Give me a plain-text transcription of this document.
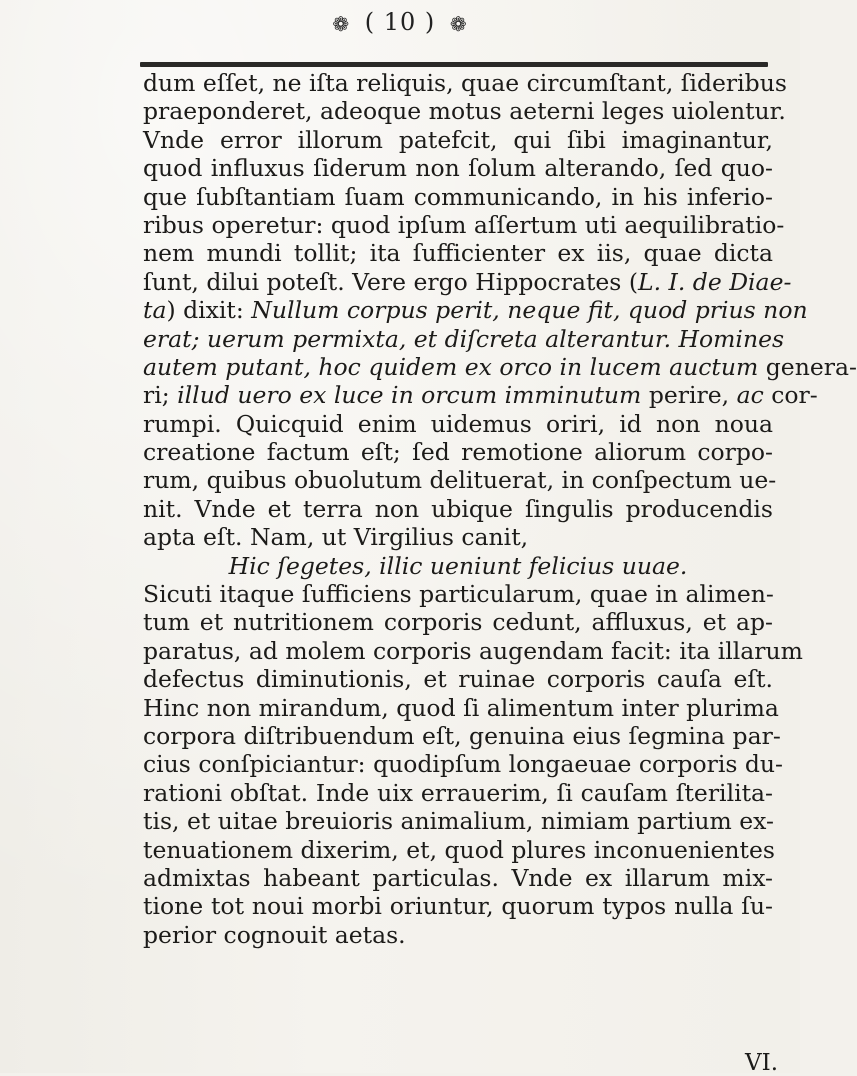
❁ ( 10 ) ❁
dum eſſet, ne iſta reliquis, quae circumſtant, ſideribus
praeponderet, adeoque motus aeterni leges uiolentur.
Vnde error illorum patefcit, qui ſibi imaginantur,
quod influxus ſiderum non ſolum alterando, ſed quo-
que ſubſtantiam ſuam communicando, in his inferio-
ribus operetur: quod ipſum aſſertum uti aequilibratio-
nem mundi tollit; ita ſufficienter ex iis, quae dicta
ſunt, dilui poteſt. Vere ergo Hippocrates (L. I. de Diae-
ta) dixit: Nullum corpus perit, neque fit, quod prius non
erat; uerum permixta, et diſcreta alterantur. Homines
autem putant, hoc quidem ex orco in lucem auctum genera-
ri; illud uero ex luce in orcum imminutum perire, ac cor-
rumpi. Quicquid enim uidemus oriri, id non noua
creatione factum eſt; ſed remotione aliorum corpo-
rum, quibus obuolutum delituerat, in conſpectum ue-
nit. Vnde et terra non ubique ſingulis producendis
apta eſt. Nam, ut Virgilius canit,
Hic ſegetes, illic ueniunt felicius uuae.
Sicuti itaque ſufficiens particularum, quae in alimen-
tum et nutritionem corporis cedunt, affluxus, et ap-
paratus, ad molem corporis augendam facit: ita illarum
defectus diminutionis, et ruinae corporis cauſa eſt.
Hinc non mirandum, quod ſi alimentum inter plurima
corpora diſtribuendum eſt, genuina eius ſegmina par-
cius conſpiciantur: quodipſum longaeuae corporis du-
rationi obſtat. Inde uix errauerim, ſi cauſam ſterilita-
tis, et uitae breuioris animalium, nimiam partium ex-
tenuationem dixerim, et, quod plures inconuenientes
admixtas habeant particulas. Vnde ex illarum mix-
tione tot noui morbi oriuntur, quorum typos nulla ſu-
perior cognouit aetas.
VI.
